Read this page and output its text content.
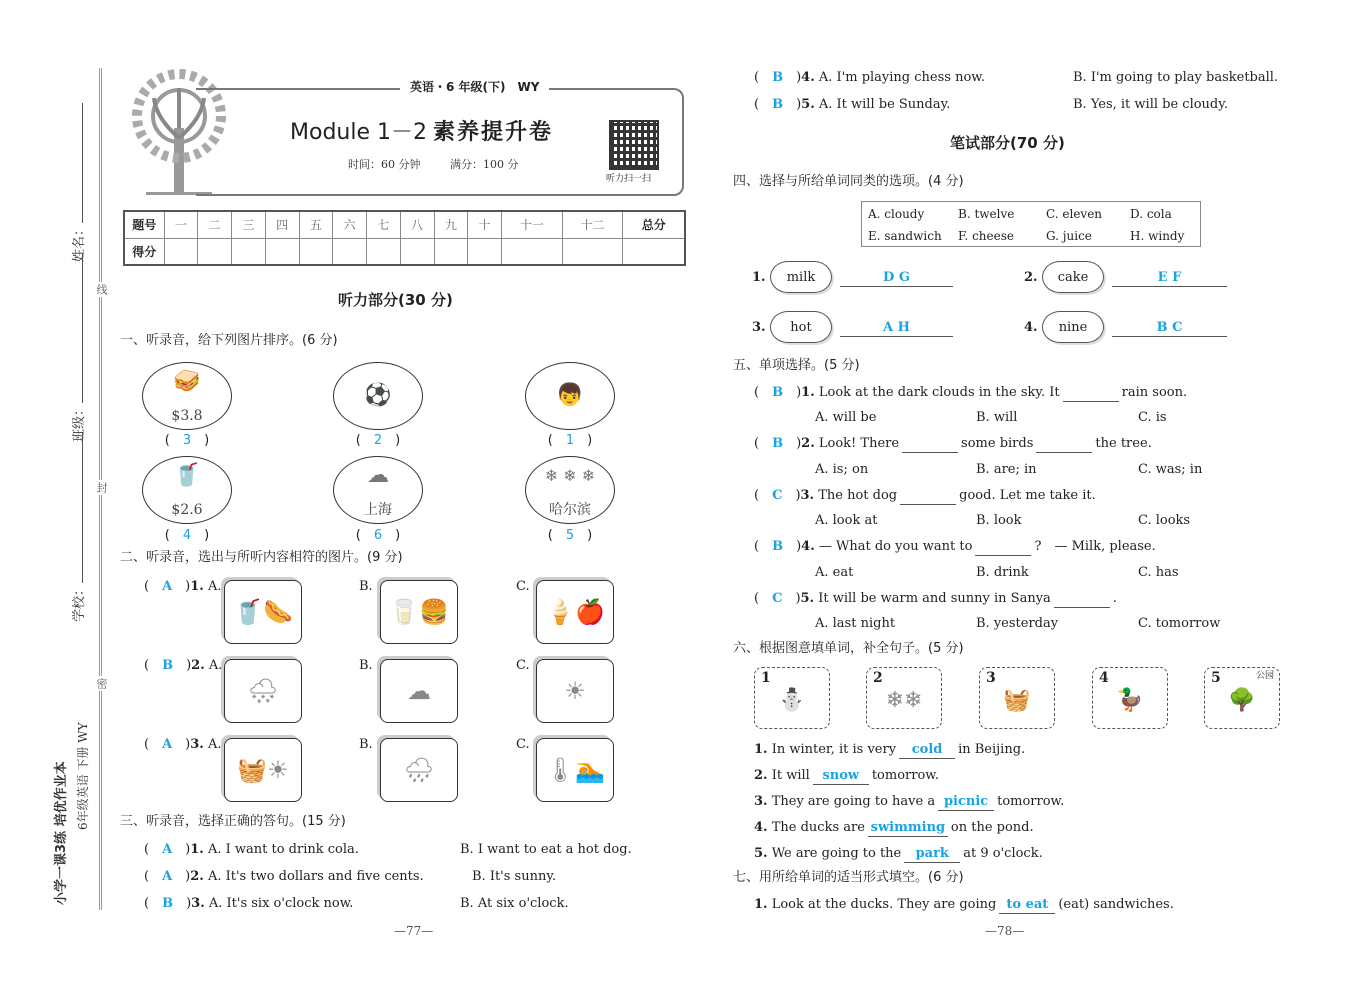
姓名：
班级：
学校：
线
封
密
小学一课3练 培优作业本 6年级英语 下册 WY
英语・6 年级(下)　WY
Module 1－2 素养提升卷
时间：60 分钟	满分：100 分
听力扫一扫
题号	一	二	三	四	五	六	七	八	九	十	十一	十二	总分
得分													
听力部分(30 分)
一、听录音，给下列图片排序。(6 分)
🥪
$3.8
(　3　)
⚽
(　2　)
👦
(　1　)
🥤
$2.6
(　4　)
☁
上海
(　6　)
❄ ❄ ❄
哈尔滨
(　5　)
二、听录音，选出与所听内容相符的图片。(9 分)
(　A　)1. A.
🥤🌭
B.
🥛🍔
C.
🍦🍎
(　B　)2. A.
🌨
B.
☁
C.
☀
(　A　)3. A.
🧺☀
B.
🌧
C.
🌡🏊
三、听录音，选择正确的答句。(15 分)
(　A　)1. A. I want to drink cola.	B. I want to eat a hot dog.
(　A　)2. A. It's two dollars and five cents.	B. It's sunny.
(　B　)3. A. It's six o'clock now.	B. At six o'clock.
—77—
(　B　)4. A. I'm playing chess now.	B. I'm going to play basketball.
(　B　)5. A. It will be Sunday.	B. Yes, it will be cloudy.
笔试部分(70 分)
四、选择与所给单词同类的选项。(4 分)
A. cloudy	B. twelve	C. eleven D. cola
E. sandwich F. cheese	G. juice	H. windy
1.	milk	D G	2.	cake	E F
3.	hot	A H	4.	nine	B C
五、单项选择。(5 分)
(　B　)1. Look at the dark clouds in the sky. It	rain soon.
A. will be	B. will	C. is
(　B　)2. Look! There	some birds	the tree.
A. is; on	B. are; in	C. was; in
(　C　)3. The hot dog	good. Let me take it.
A. look at	B. look	C. looks
(　B　)4. — What do you want to	?　— Milk, please.
A. eat	B. drink	C. has
(　C　)5. It will be warm and sunny in Sanya	.
A. last night	B. yesterday	C. tomorrow
六、根据图意填单词，补全句子。(5 分)
1
⛄
2
❄❄
3
🧺
4
🦆
5	公园
🌳
1. In winter, it is very cold in Beijing.
2. It will snow tomorrow.
3. They are going to have a picnic tomorrow.
4. The ducks are swimming on the pond.
5. We are going to the park at 9 o'clock.
七、用所给单词的适当形式填空。(6 分)
1. Look at the ducks. They are going to eat (eat) sandwiches.
—78—
